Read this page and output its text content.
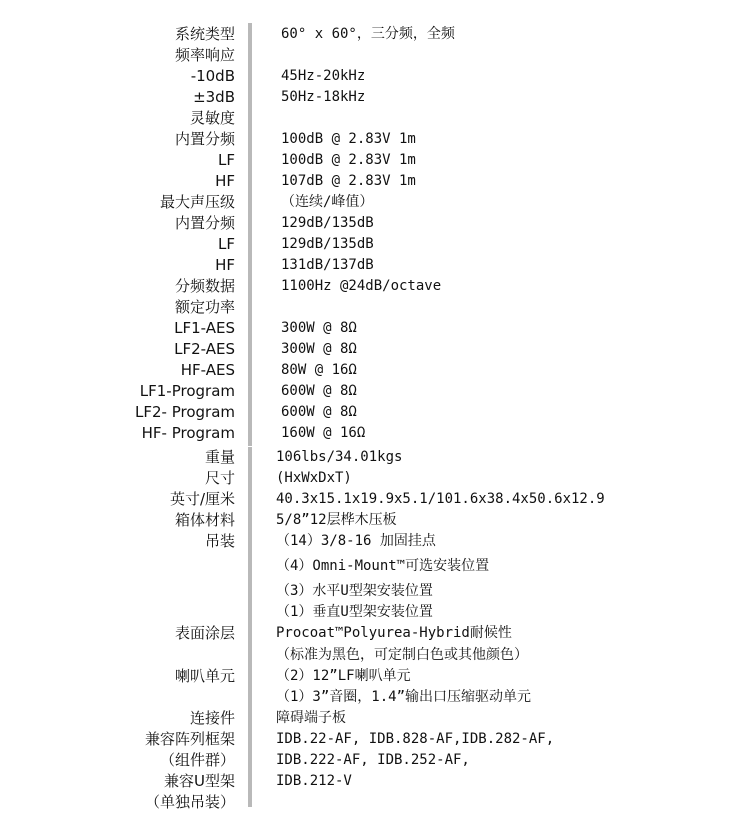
系统类型	60° x 60°，三分频，全频
频率响应
-10dB	45Hz-20kHz
±3dB	50Hz-18kHz
灵敏度
内置分频	100dB @ 2.83V 1m
LF	100dB @ 2.83V 1m
HF	107dB @ 2.83V 1m
最大声压级	（连续/峰值）
内置分频	129dB/135dB
LF	129dB/135dB
HF	131dB/137dB
分频数据	1100Hz @24dB/octave
额定功率
LF1-AES	300W @ 8Ω
LF2-AES	300W @ 8Ω
HF-AES	80W @ 16Ω
LF1-Program	600W @ 8Ω
LF2- Program	600W @ 8Ω
HF- Program	160W @ 16Ω
重量	106lbs/34.01kgs
尺寸	(HxWxDxT)
英寸/厘米	40.3x15.1x19.9x5.1/101.6x38.4x50.6x12.9
箱体材料	5/8”12层桦木压板
吊装	（14）3/8-16 加固挂点
（4）Omni-Mount™可选安装位置
（3）水平U型架安装位置
（1）垂直U型架安装位置
表面涂层	Procoat™Polyurea-Hybrid耐候性
（标准为黑色，可定制白色或其他颜色）
喇叭单元	（2）12”LF喇叭单元
（1）3”音圈，1.4”输出口压缩驱动单元
连接件	障碍端子板
兼容阵列框架	IDB.22-AF, IDB.828-AF,IDB.282-AF,
（组件群）	IDB.222-AF, IDB.252-AF,
兼容U型架	IDB.212-V
（单独吊装）
